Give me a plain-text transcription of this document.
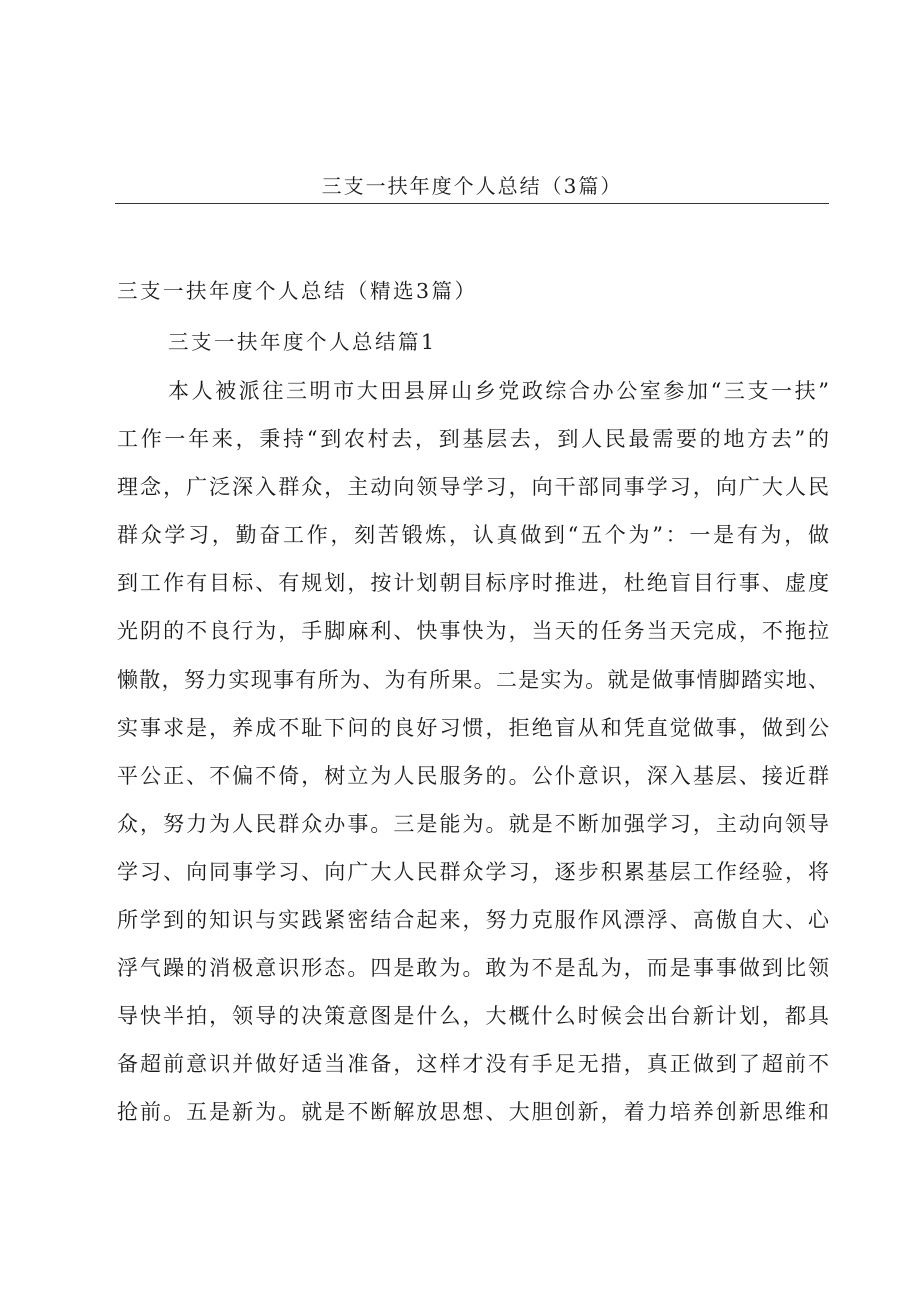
三支一扶年度个人总结（3篇）
三支一扶年度个人总结（精选3篇）
三支一扶年度个人总结篇1
本人被派往三明市大田县屏山乡党政综合办公室参加“三支一扶”
工作一年来，秉持“到农村去，到基层去，到人民最需要的地方去”的
理念，广泛深入群众，主动向领导学习，向干部同事学习，向广大人民
群众学习，勤奋工作，刻苦锻炼，认真做到“五个为”：一是有为，做
到工作有目标、有规划，按计划朝目标序时推进，杜绝盲目行事、虚度
光阴的不良行为，手脚麻利、快事快为，当天的任务当天完成，不拖拉
懒散，努力实现事有所为、为有所果。二是实为。就是做事情脚踏实地、
实事求是，养成不耻下问的良好习惯，拒绝盲从和凭直觉做事，做到公
平公正、不偏不倚，树立为人民服务的。公仆意识，深入基层、接近群
众，努力为人民群众办事。三是能为。就是不断加强学习，主动向领导
学习、向同事学习、向广大人民群众学习，逐步积累基层工作经验，将
所学到的知识与实践紧密结合起来，努力克服作风漂浮、高傲自大、心
浮气躁的消极意识形态。四是敢为。敢为不是乱为，而是事事做到比领
导快半拍，领导的决策意图是什么，大概什么时候会出台新计划，都具
备超前意识并做好适当准备，这样才没有手足无措，真正做到了超前不
抢前。五是新为。就是不断解放思想、大胆创新，着力培养创新思维和
